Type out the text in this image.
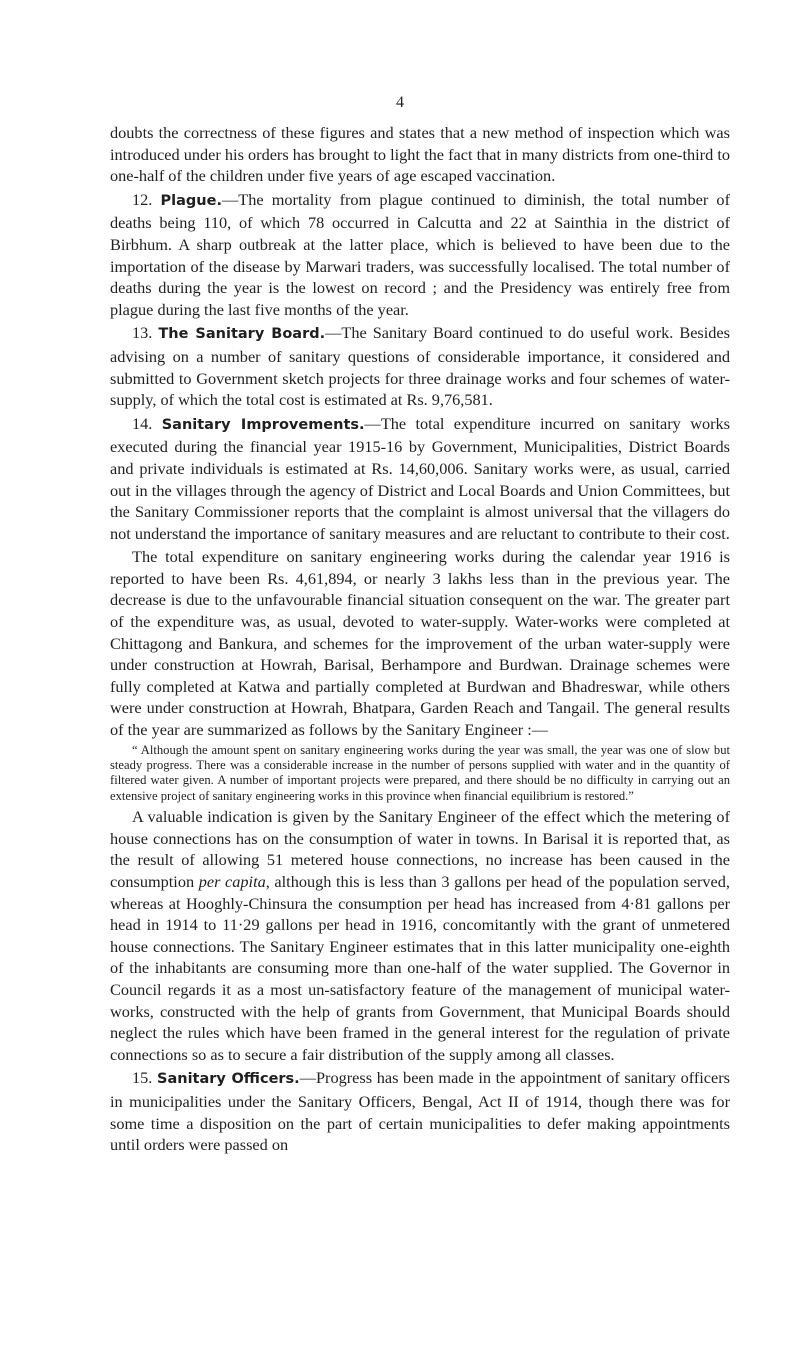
4

doubts the correctness of these figures and states that a new method of inspection which was introduced under his orders has brought to light the fact that in many districts from one-third to one-half of the children under five years of age escaped vaccination.

12. Plague.—The mortality from plague continued to diminish, the total number of deaths being 110, of which 78 occurred in Calcutta and 22 at Sainthia in the district of Birbhum. A sharp outbreak at the latter place, which is believed to have been due to the importation of the disease by Marwari traders, was successfully localised. The total number of deaths during the year is the lowest on record ; and the Presidency was entirely free from plague during the last five months of the year.

13. The Sanitary Board.—The Sanitary Board continued to do useful work. Besides advising on a number of sanitary questions of considerable importance, it considered and submitted to Government sketch projects for three drainage works and four schemes of water-supply, of which the total cost is estimated at Rs. 9,76,581.

14. Sanitary Improvements.—The total expenditure incurred on sanitary works executed during the financial year 1915-16 by Government, Municipalities, District Boards and private individuals is estimated at Rs. 14,60,006. Sanitary works were, as usual, carried out in the villages through the agency of District and Local Boards and Union Committees, but the Sanitary Commissioner reports that the complaint is almost universal that the villagers do not understand the importance of sanitary measures and are reluctant to contribute to their cost.

The total expenditure on sanitary engineering works during the calendar year 1916 is reported to have been Rs. 4,61,894, or nearly 3 lakhs less than in the previous year. The decrease is due to the unfavourable financial situation consequent on the war. The greater part of the expenditure was, as usual, devoted to water-supply. Water-works were completed at Chittagong and Bankura, and schemes for the improvement of the urban water-supply were under construction at Howrah, Barisal, Berhampore and Burdwan. Drainage schemes were fully completed at Katwa and partially completed at Burdwan and Bhadreswar, while others were under construction at Howrah, Bhatpara, Garden Reach and Tangail. The general results of the year are summarized as follows by the Sanitary Engineer :—

“ Although the amount spent on sanitary engineering works during the year was small, the year was one of slow but steady progress. There was a considerable increase in the number of persons supplied with water and in the quantity of filtered water given. A number of important projects were prepared, and there should be no difficulty in carrying out an extensive project of sanitary engineering works in this province when financial equilibrium is restored.”

A valuable indication is given by the Sanitary Engineer of the effect which the metering of house connections has on the consumption of water in towns. In Barisal it is reported that, as the result of allowing 51 metered house connections, no increase has been caused in the consumption per capita, although this is less than 3 gallons per head of the population served, whereas at Hooghly-Chinsura the consumption per head has increased from 4·81 gallons per head in 1914 to 11·29 gallons per head in 1916, concomitantly with the grant of unmetered house connections. The Sanitary Engineer estimates that in this latter municipality one-eighth of the inhabitants are consuming more than one-half of the water supplied. The Governor in Council regards it as a most un-satisfactory feature of the management of municipal water-works, constructed with the help of grants from Government, that Municipal Boards should neglect the rules which have been framed in the general interest for the regulation of private connections so as to secure a fair distribution of the supply among all classes.

15. Sanitary Officers.—Progress has been made in the appointment of sanitary officers in municipalities under the Sanitary Officers, Bengal, Act II of 1914, though there was for some time a disposition on the part of certain municipalities to defer making appointments until orders were passed on
